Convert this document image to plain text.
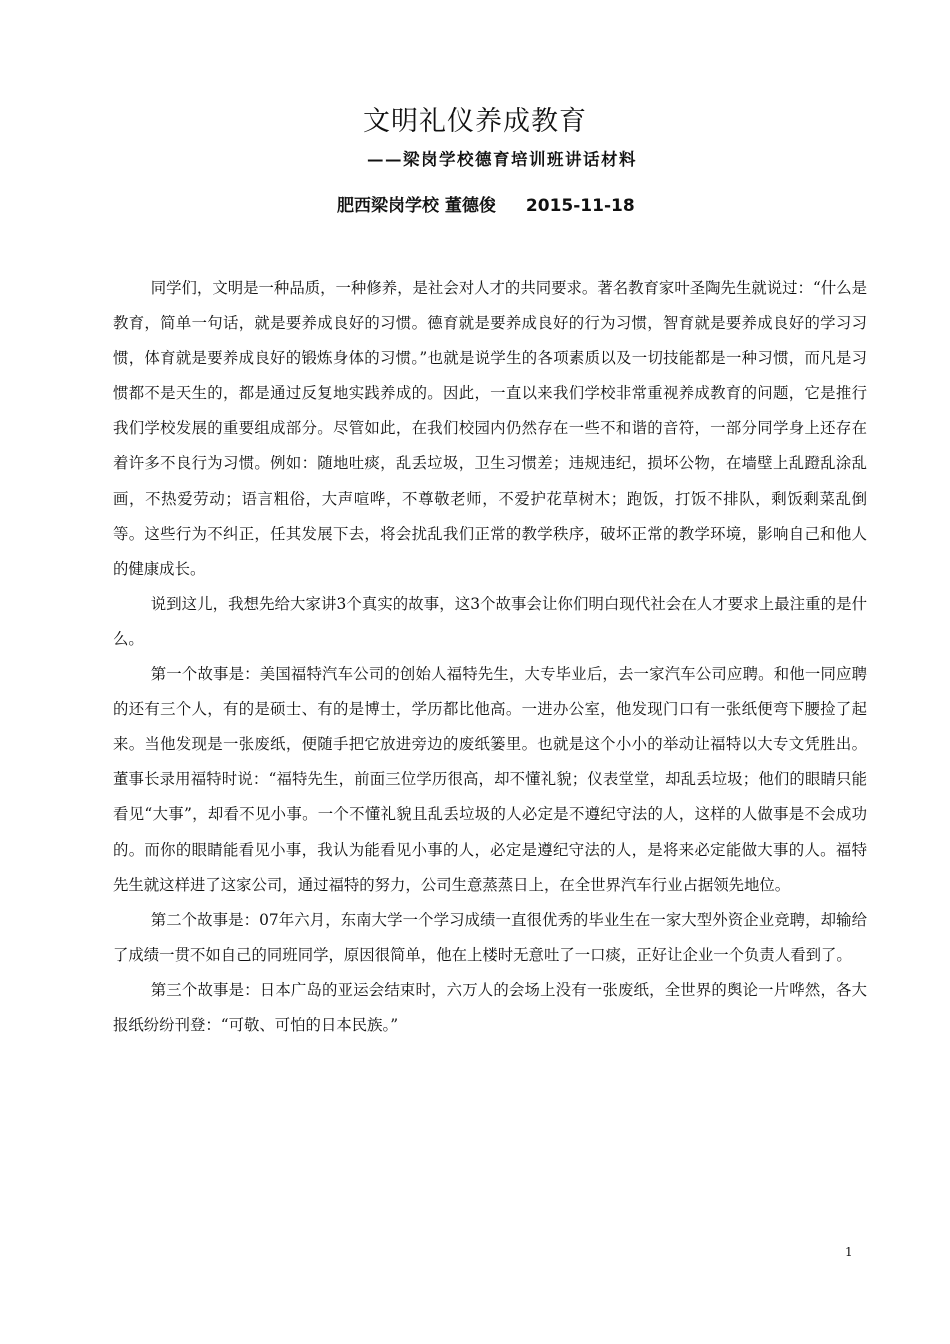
文明礼仪养成教育
——梁岗学校德育培训班讲话材料
肥西梁岗学校 董德俊 2015-11-18

同学们，文明是一种品质，一种修养，是社会对人才的共同要求。著名教育家叶圣陶先生就说过：“什么是教育，简单一句话，就是要养成良好的习惯。德育就是要养成良好的行为习惯，智育就是要养成良好的学习习惯，体育就是要养成良好的锻炼身体的习惯。”也就是说学生的各项素质以及一切技能都是一种习惯，而凡是习惯都不是天生的，都是通过反复地实践养成的。因此，一直以来我们学校非常重视养成教育的问题，它是推行我们学校发展的重要组成部分。尽管如此，在我们校园内仍然存在一些不和谐的音符，一部分同学身上还存在着许多不良行为习惯。例如：随地吐痰，乱丢垃圾，卫生习惯差；违规违纪，损坏公物，在墙壁上乱蹬乱涂乱画，不热爱劳动；语言粗俗，大声喧哗，不尊敬老师，不爱护花草树木；跑饭，打饭不排队，剩饭剩菜乱倒等。这些行为不纠正，任其发展下去，将会扰乱我们正常的教学秩序，破坏正常的教学环境，影响自己和他人的健康成长。

说到这儿，我想先给大家讲3个真实的故事，这3个故事会让你们明白现代社会在人才要求上最注重的是什么。

第一个故事是：美国福特汽车公司的创始人福特先生，大专毕业后，去一家汽车公司应聘。和他一同应聘的还有三个人，有的是硕士、有的是博士，学历都比他高。一进办公室，他发现门口有一张纸便弯下腰捡了起来。当他发现是一张废纸，便随手把它放进旁边的废纸篓里。也就是这个小小的举动让福特以大专文凭胜出。董事长录用福特时说：“福特先生，前面三位学历很高，却不懂礼貌；仪表堂堂，却乱丢垃圾；他们的眼睛只能看见“大事”，却看不见小事。一个不懂礼貌且乱丢垃圾的人必定是不遵纪守法的人，这样的人做事是不会成功的。而你的眼睛能看见小事，我认为能看见小事的人，必定是遵纪守法的人，是将来必定能做大事的人。福特先生就这样进了这家公司，通过福特的努力，公司生意蒸蒸日上，在全世界汽车行业占据领先地位。

第二个故事是：07年六月，东南大学一个学习成绩一直很优秀的毕业生在一家大型外资企业竞聘，却输给了成绩一贯不如自己的同班同学，原因很简单，他在上楼时无意吐了一口痰，正好让企业一个负责人看到了。

第三个故事是：日本广岛的亚运会结束时，六万人的会场上没有一张废纸，全世界的舆论一片哗然，各大报纸纷纷刊登：“可敬、可怕的日本民族。”

1
